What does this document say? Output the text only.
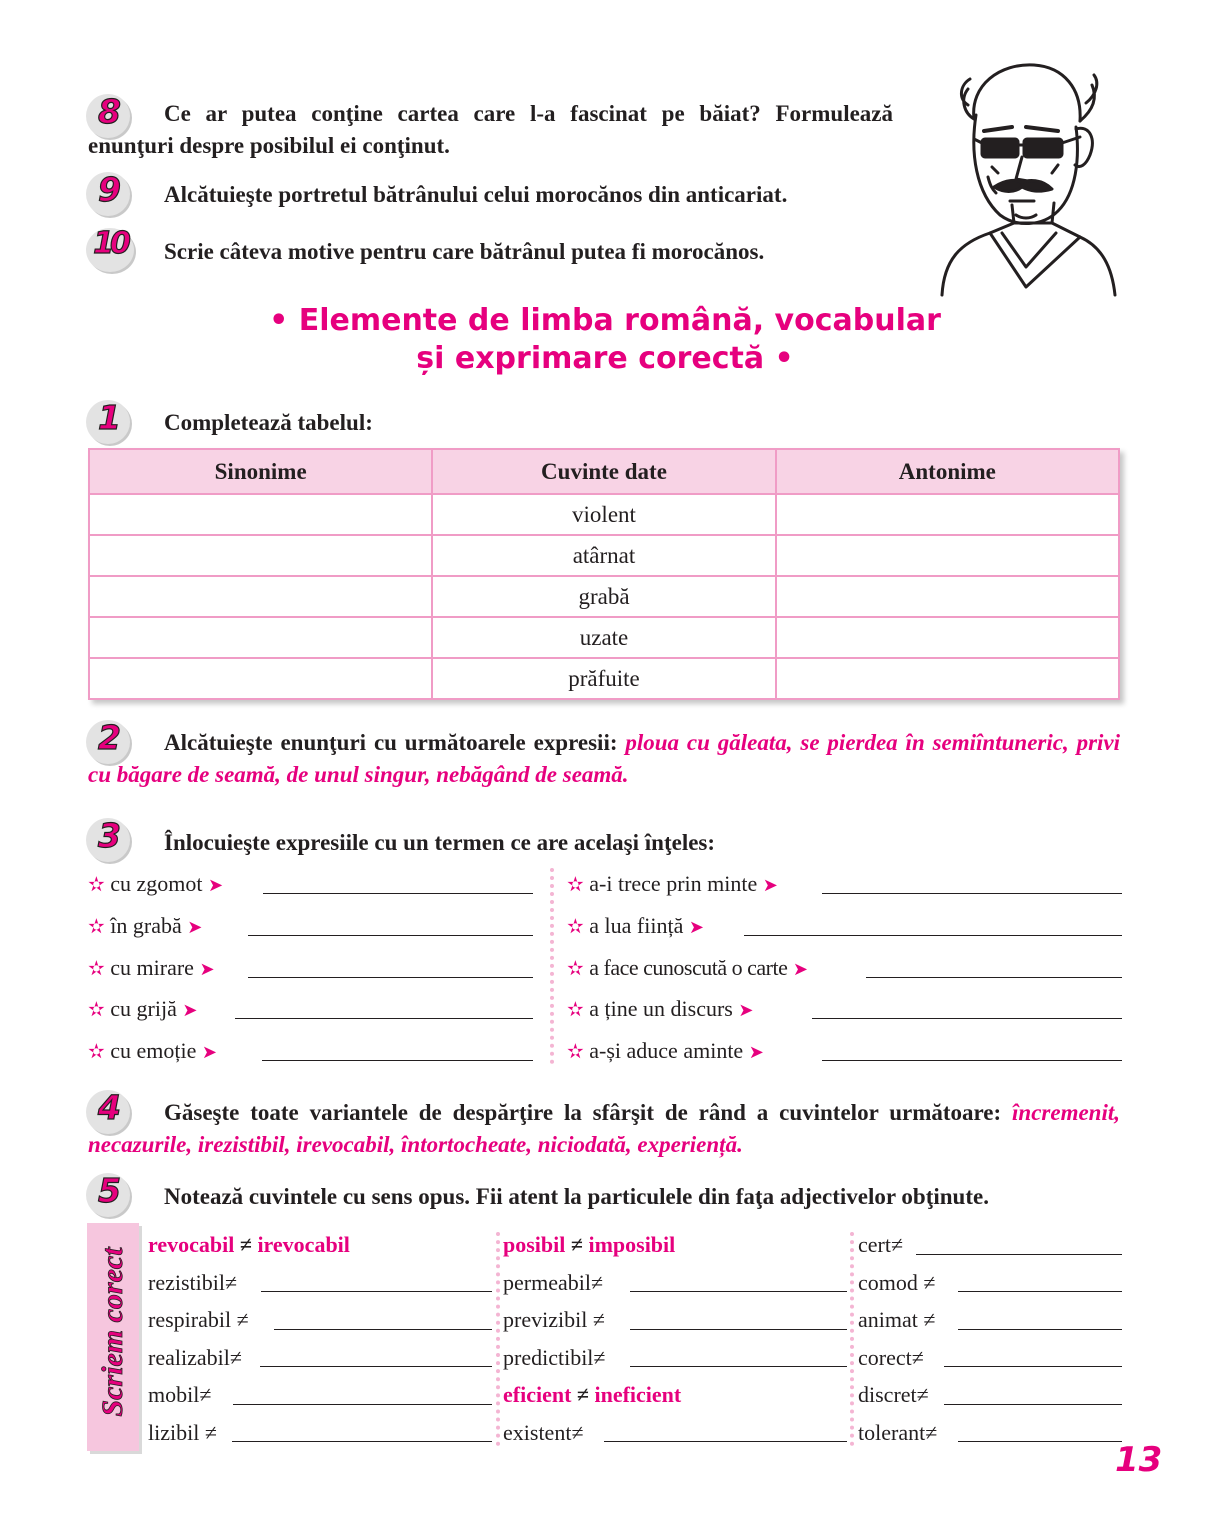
8	Ce ar putea conţine cartea care l-a fascinat pe băiat? Formulează enunţuri despre posibilul ei conţinut.
9	Alcătuieşte portretul bătrânului celui morocănos din anticariat.
10	Scrie câteva motive pentru care bătrânul putea fi morocănos.
• Elemente de limba română, vocabular
și exprimare corectă •
1	Completează tabelul:
Sinonime	Cuvinte date	Antonime
	violent	
	atârnat	
	grabă	
	uzate	
	prăfuite	
2	Alcătuieşte enunţuri cu următoarele expresii: ploua cu găleata, se pierdea în semiîntuneric, privi cu băgare de seamă, de unul singur, nebăgând de seamă.
3	Înlocuieşte expresiile cu un termen ce are acelaşi înţeles:
✫ cu zgomot ➤
✫ în grabă ➤
✫ cu mirare ➤
✫ cu grijă ➤
✫ cu emoție ➤
✫ a-i trece prin minte ➤
✫ a lua ființă ➤
✫ a face cunoscută o carte ➤
✫ a ține un discurs ➤
✫ a-și aduce aminte ➤
4	Găseşte toate variantele de despărţire la sfârşit de rând a cuvintelor următoare: încremenit, necazurile, irezistibil, irevocabil, întortocheate, niciodată, experiență.
5	Notează cuvintele cu sens opus. Fii atent la particulele din faţa adjectivelor obţinute.
Scriem corect
revocabil ≠ irevocabil
rezistibil≠
respirabil ≠
realizabil≠
mobil≠
lizibil ≠
posibil ≠ imposibil
permeabil≠
previzibil ≠
predictibil≠
eficient ≠ ineficient
existent≠
cert≠
comod ≠
animat ≠
corect≠
discret≠
tolerant≠
13
